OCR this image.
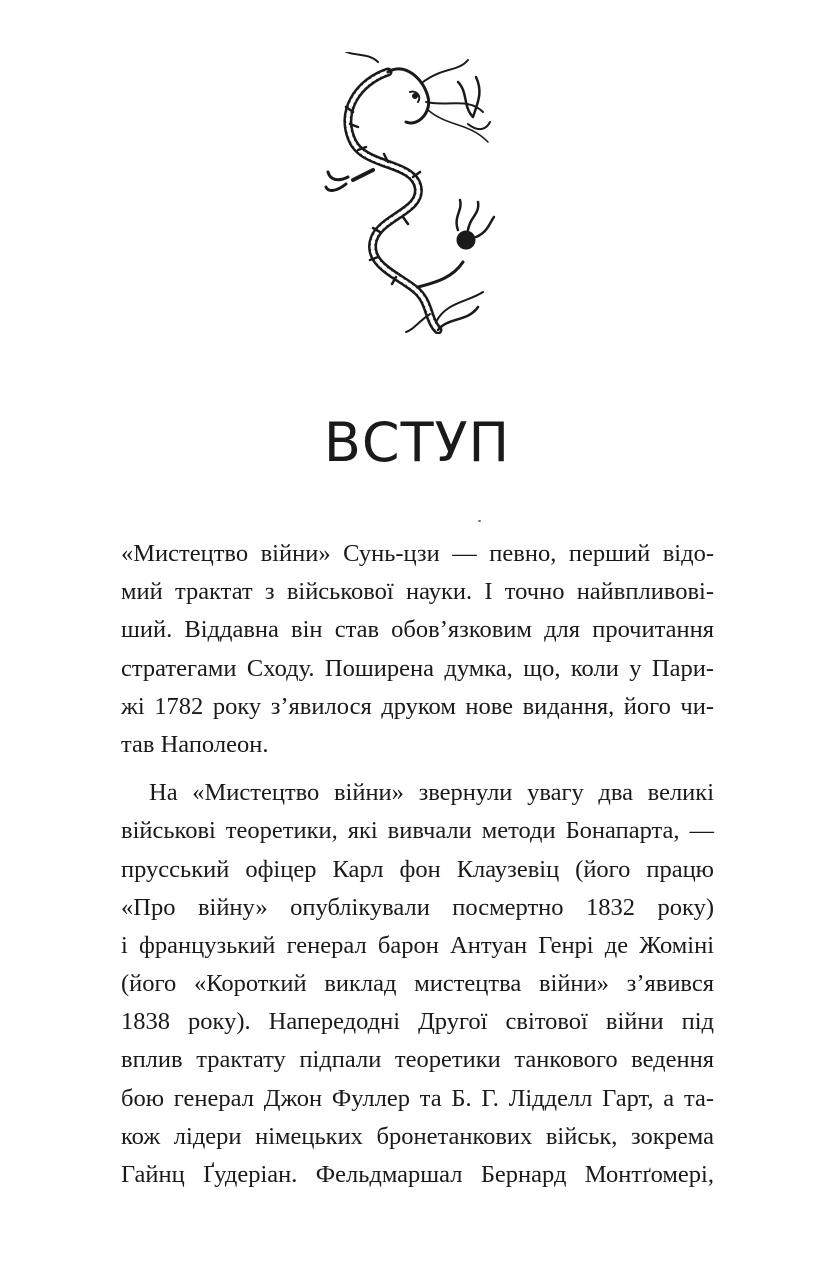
ВСТУП
«Мистецтво війни» Сунь-цзи — певно, перший відо-
мий трактат з військової науки. І точно найвпливові-
ший. Віддавна він став обов’язковим для прочитання
стратегами Сходу. Поширена думка, що, коли у Пари-
жі 1782 року з’явилося друком нове видання, його чи-
тав Наполеон.
На «Мистецтво війни» звернули увагу два великі
військові теоретики, які вивчали методи Бонапарта, —
прусський офіцер Карл фон Клаузевіц (його працю
«Про війну» опублікували посмертно 1832 року)
і французький генерал барон Антуан Генрі де Жоміні
(його «Короткий виклад мистецтва війни» з’явився
1838 року). Напередодні Другої світової війни під
вплив трактату підпали теоретики танкового ведення
бою генерал Джон Фуллер та Б. Г. Лідделл Гарт, а та-
кож лідери німецьких бронетанкових військ, зокрема
Гайнц Ґудеріан. Фельдмаршал Бернард Монтґомері,
